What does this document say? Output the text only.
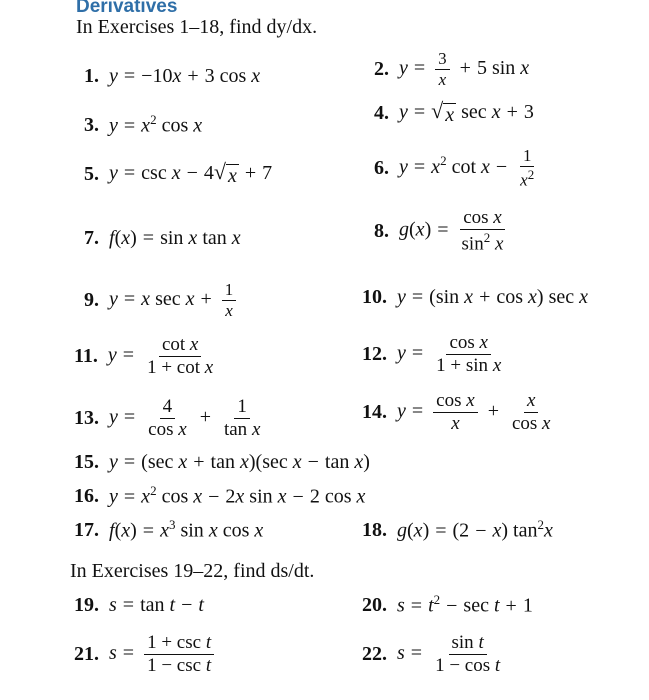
Derivatives
In Exercises 1–18, find dy/dx.
1. y = −10x + 3 cos x	2. $y = \frac{3}{x} + 5$ sin x
3. $y = x^2$ cos x
4. y = √ x sec x + 3
5. y = csc x − 4 √ x + 7	6. $y = x^2$ $\cot x - \frac{1}{x^2}$
7. f(x) = sin x tan x	8. $g(x) = \frac{\text{cos x}}{\sin^2 x}$
9. y = x $\sec x + \frac{1}{x}$	10. y = (sin x + cos x) sec x
11. $y = \frac{\text{cot x}}{\text{1 + cot x}}$	12. $y = \frac{\text{cos x}}{\text{1 + sin x}}$
13. $y = \frac{4}{\text{cos x}} + \frac{1}{\text{tan x}}$	14. $y = \frac{\text{cos x}}{x} + \frac{x}{\text{cos x}}$
15. y = (sec x + tan x)(sec x − tan x)
16. $y = x^2$ cos x − 2x sin x − 2 cos x
17. $f(x) = x^3$ sin x cos x	18. g(x) = (2 − x) $\tan^2x$
In Exercises 19–22, find ds/dt.
19. s = tan t − t	20. $s = t^2 - \sec t + 1$
21. $s = \frac{\text{1 + csc t}}{\text{1 − csc t}}$	22. $s = \frac{\text{sin t}}{\text{1 − cos t}}$
